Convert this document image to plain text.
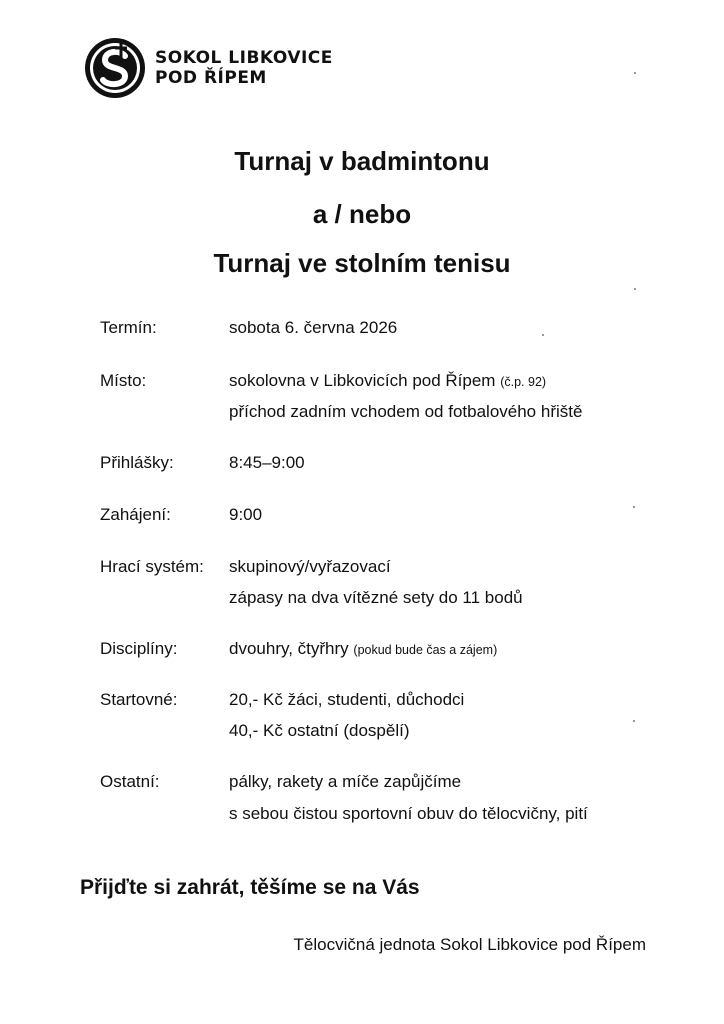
SOKOL LIBKOVICE
POD ŘÍPEM
Turnaj v badmintonu
a / nebo
Turnaj ve stolním tenisu
Termín:	sobota 6. června 2026
Místo:	sokolovna v Libkovicích pod Řípem (č.p. 92)
příchod zadním vchodem od fotbalového hřiště
Přihlášky:	8:45–9:00
Zahájení:	9:00
Hrací systém: skupinový/vyřazovací
zápasy na dva vítězné sety do 11 bodů
Disciplíny:	dvouhry, čtyřhry (pokud bude čas a zájem)
Startovné:	20,- Kč žáci, studenti, důchodci
40,- Kč ostatní (dospělí)
Ostatní:	pálky, rakety a míče zapůjčíme
s sebou čistou sportovní obuv do tělocvičny, pití
Přijďte si zahrát, těšíme se na Vás
Tělocvičná jednota Sokol Libkovice pod Řípem
